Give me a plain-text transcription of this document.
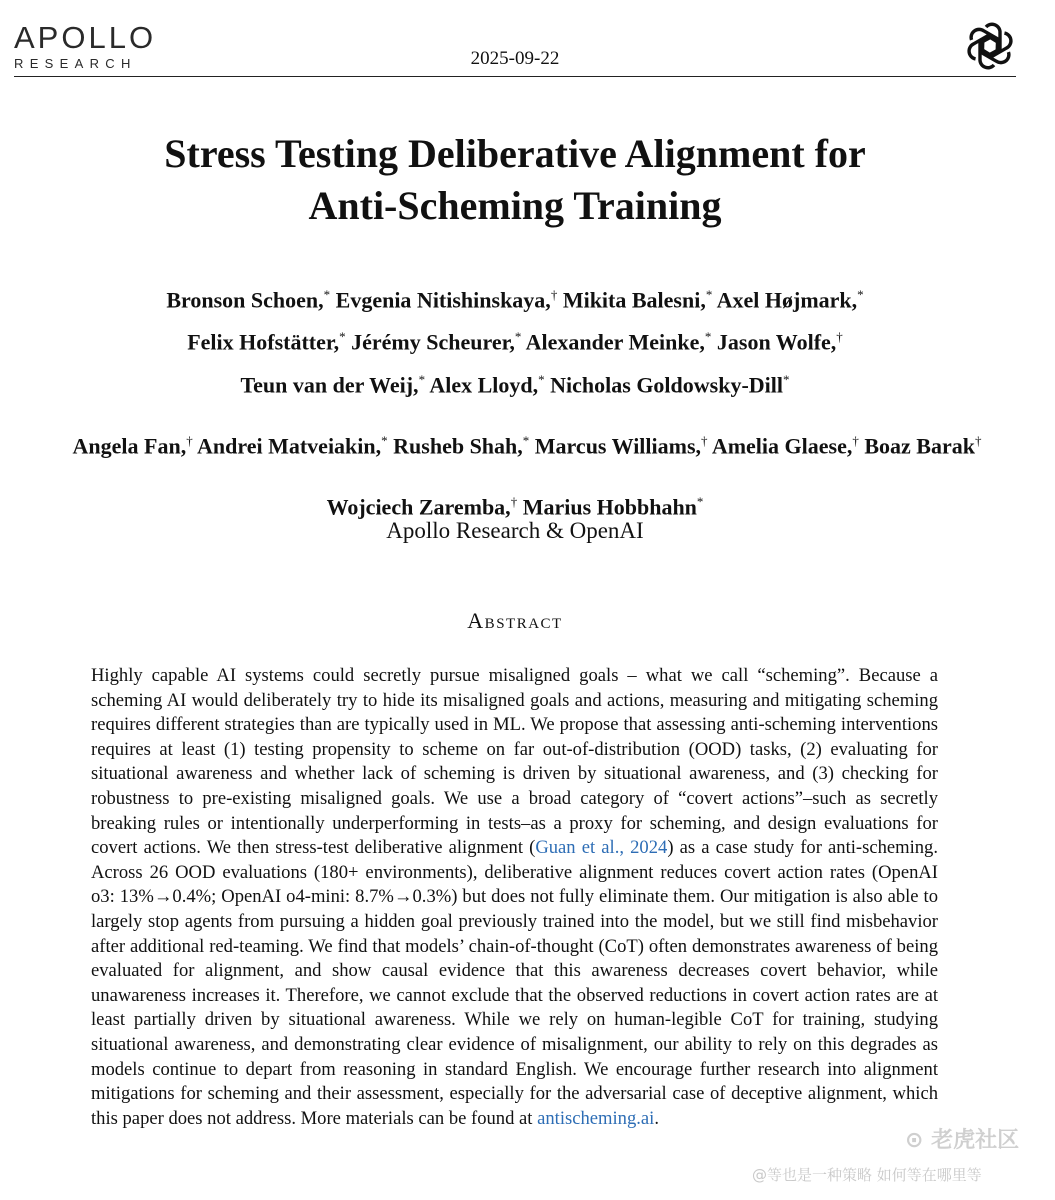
APOLLO
RESEARCH	2025-09-22
Stress Testing Deliberative Alignment for
Anti-Scheming Training
Bronson Schoen,* Evgenia Nitishinskaya,† Mikita Balesni,* Axel Højmark,*
Felix Hofstätter,* Jérémy Scheurer,* Alexander Meinke,* Jason Wolfe,†
Teun van der Weij,* Alex Lloyd,* Nicholas Goldowsky-Dill*
Angela Fan,† Andrei Matveiakin,* Rusheb Shah,* Marcus Williams,† Amelia Glaese,† Boaz Barak†
Wojciech Zaremba,† Marius Hobbhahn*
Apollo Research & OpenAI
Abstract
Highly capable AI systems could secretly pursue misaligned goals – what we call “scheming”. Because a scheming AI would deliberately try to hide its misaligned goals and actions, measuring and mitigating scheming requires different strategies than are typically used in ML. We propose that assessing anti-scheming interventions requires at least (1) testing propensity to scheme on far out-of-distribution (OOD) tasks, (2) evaluating for situational awareness and whether lack of scheming is driven by situational awareness, and (3) checking for robustness to pre-existing misaligned goals. We use a broad category of “covert actions”–such as secretly breaking rules or intentionally underperforming in tests–as a proxy for scheming, and design evaluations for covert actions. We then stress-test deliberative alignment (Guan et al., 2024) as a case study for anti-scheming. Across 26 OOD evaluations (180+ environments), deliberative alignment reduces covert action rates (OpenAI o3: 13%→0.4%; OpenAI o4-mini: 8.7%→0.3%) but does not fully eliminate them. Our mitigation is also able to largely stop agents from pursuing a hidden goal previously trained into the model, but we still find misbehavior after additional red-teaming. We find that models’ chain-of-thought (CoT) often demonstrates awareness of being evaluated for alignment, and show causal evidence that this awareness decreases covert behavior, while unawareness increases it. Therefore, we cannot exclude that the observed reductions in covert action rates are at least partially driven by situational awareness. While we rely on human-legible CoT for training, studying situational awareness, and demonstrating clear evidence of misalignment, our ability to rely on this degrades as models continue to depart from reasoning in standard English. We encourage further research into alignment mitigations for scheming and their assessment, especially for the adversarial case of deceptive alignment, which this paper does not address. More materials can be found at antischeming.ai.
⊙ 老虎社区
@等也是一种策略 如何等在哪里等
